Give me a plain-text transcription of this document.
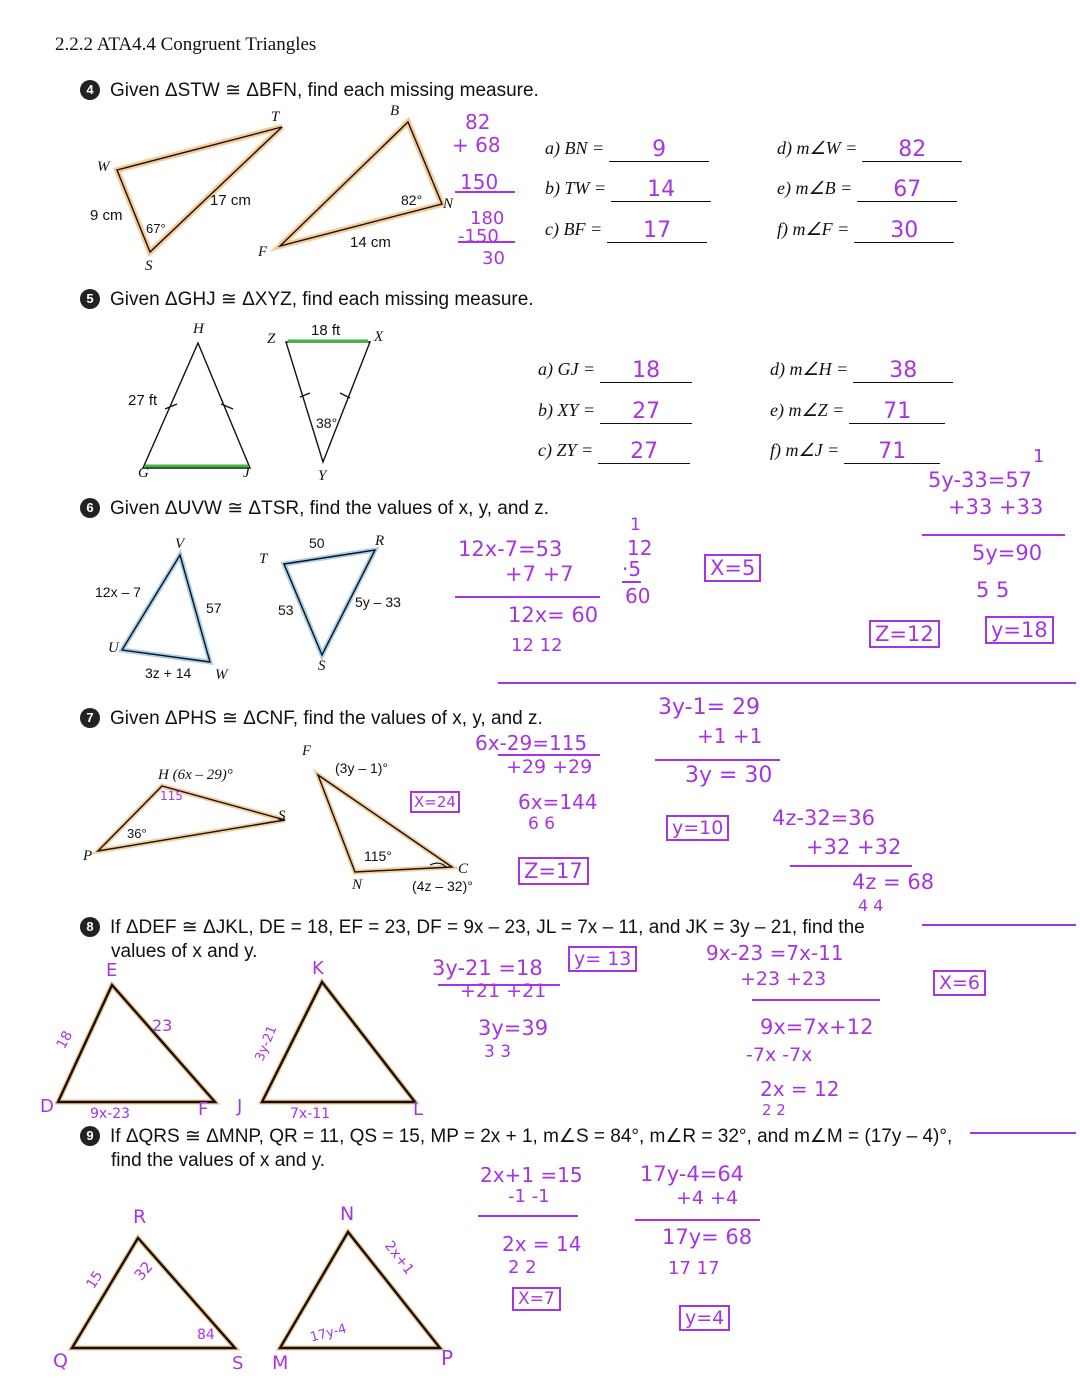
2.2.2 ATA4.4 Congruent Triangles
4 Given ΔSTW ≅ ΔBFN, find each missing measure.
T	B
W
N
S
F
17 cm
9 cm
67°
82°
14 cm
82
+ 68
150
180
-150
30
a) BN = 9
b) TW = 14
c) BF = 17
d) m∠W = 82
e) m∠B = 67
f) m∠F = 30
5 Given ΔGHJ ≅ ΔXYZ, find each missing measure.
H
Z	X
G	J	Y
18 ft
27 ft
38°
a) GJ = 18
b) XY = 27
c) ZY = 27
d) m∠H = 38
e) m∠Z = 71
f) m∠J = 71
6 Given ΔUVW ≅ ΔTSR, find the values of x, y, and z.
V
T
R
U
W
S
12x – 7
57	53
50
5y – 33
3z + 14
12x-7=53
+7 +7
12x= 60
12 12
1
12
·5
60
X=5
1
5y-33=57
+33 +33
5y=90
5 5
Z=12	y=18
7 Given ΔPHS ≅ ΔCNF, find the values of x, y, and z.
F
H (6x – 29)°
S
P
N
C
(3y – 1)°
36°
115°
(4z – 32)°
115	X=24
6x-29=115
+29 +29
6x=144
6 6
Z=17
3y-1= 29
+1 +1
3y = 30
y=10 4z-32=36
+32 +32
4z = 68
4 4
8 If ΔDEF ≅ ΔJKL, DE = 18, EF = 23, DF = 9x – 23, JL = 7x – 11, and JK = 3y – 21, find the
values of x and y.
E	K
D	F J	L
18
23	3y-21
9x-23	7x-11
3y-21 =18
+21 +21
3y=39
3 3
y= 13	9x-23 =7x-11
+23 +23
9x=7x+12
-7x -7x
2x = 12
2 2
X=6
9 If ΔQRS ≅ ΔMNP, QR = 11, QS = 15, MP = 2x + 1, m∠S = 84°, m∠R = 32°, and m∠M = (17y – 4)°,
find the values of x and y.
R
Q	S
N
M	P
15 32
84
2x+1
17y-4
2x+1 =15
-1 -1
2x = 14
2 2
X=7
17y-4=64
+4 +4
17y= 68
17 17
y=4
